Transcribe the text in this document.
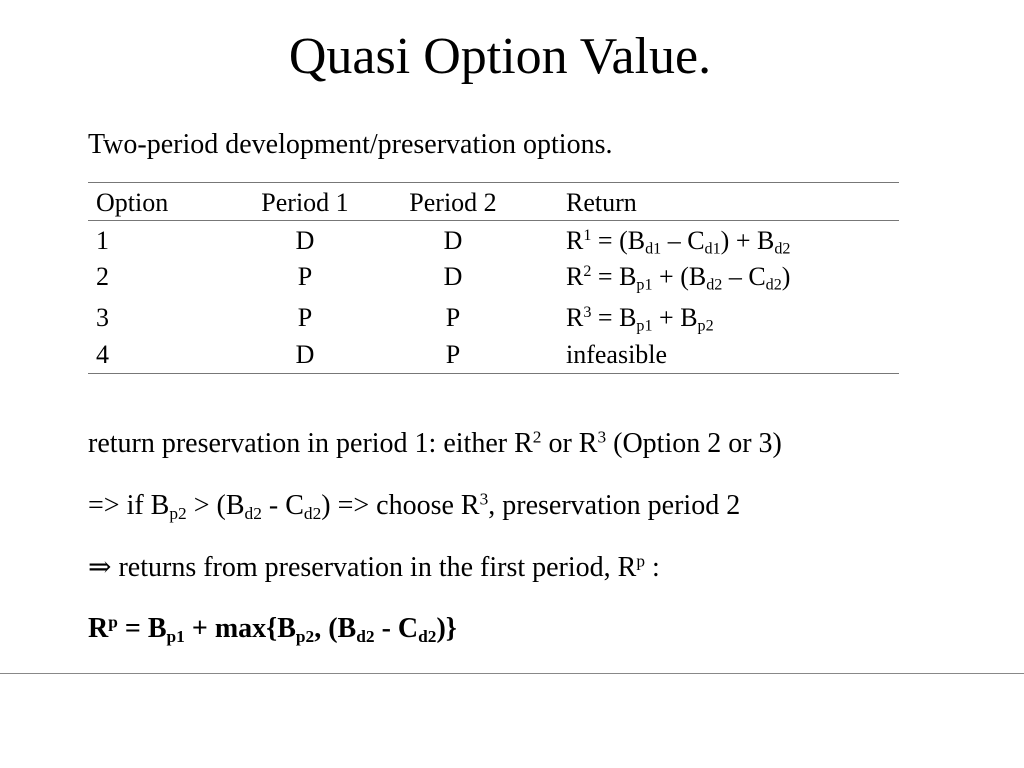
Quasi Option Value.
Two-period development/preservation options.
Option	Period 1	Period 2	Return
1	D	D	$R^1 = (B_{d1} - C_{d1}) + B_{d2}$
2	P	D	$R^2 = B_{p1} + (B_{d2} - C_{d2})$
3	P	P	$R^3 = B_{p1} + B_{p2}$
4	D	P	infeasible
return preservation in period 1: either $R^2$ or $R^3$ (Option 2 or 3)
=> if $B_{p2} > (B_{d2} - C_{d2})$ => choose $R^3$, preservation period 2
⇒ returns from preservation in the first period, $R^p$ :
$R^p = B_{p1} + \max\{B_{p2}$, $(B_{d2} - C_{d2})$}
